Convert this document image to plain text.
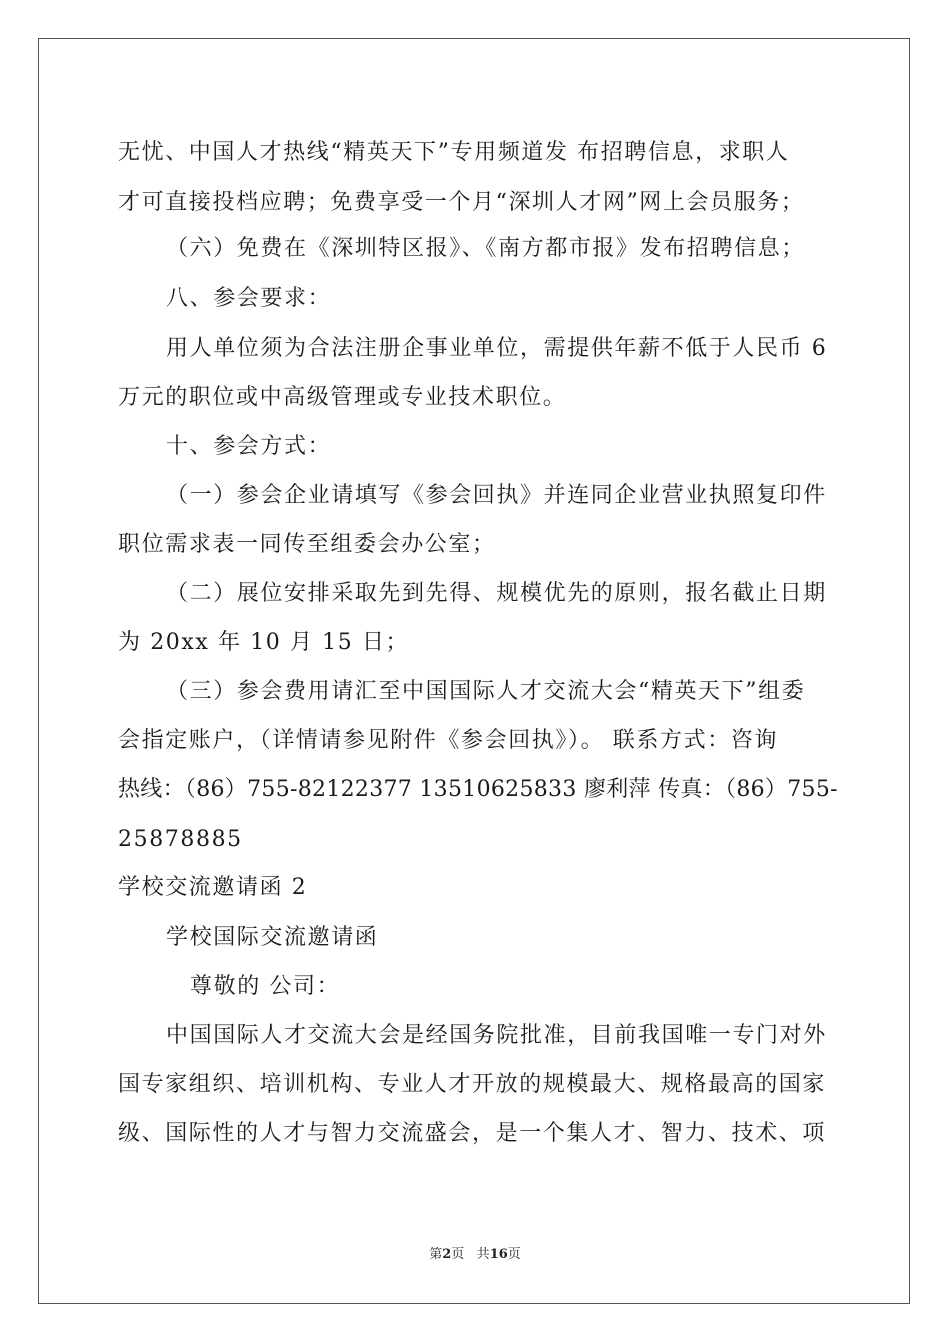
无忧、中国人才热线“精英天下”专用频道发 布招聘信息，求职人
才可直接投档应聘；免费享受一个月“深圳人才网”网上会员服务；
（六）免费在《深圳特区报》、《南方都市报》发布招聘信息；
八、参会要求：
用人单位须为合法注册企事业单位，需提供年薪不低于人民币 6
万元的职位或中高级管理或专业技术职位。
十、参会方式：
（一）参会企业请填写《参会回执》并连同企业营业执照复印件
职位需求表一同传至组委会办公室；
（二）展位安排采取先到先得、规模优先的原则，报名截止日期
为 20xx 年 10 月 15 日；
（三）参会费用请汇至中国国际人才交流大会“精英天下”组委
会指定账户，（详情请参见附件《参会回执》）。 联系方式：咨询
热线：（86）755-82122377 13510625833 廖利萍 传真：（86）755-
25878885
学校交流邀请函 2
学校国际交流邀请函
尊敬的 公司：
中国国际人才交流大会是经国务院批准，目前我国唯一专门对外
国专家组织、培训机构、专业人才开放的规模最大、规格最高的国家
级、国际性的人才与智力交流盛会，是一个集人才、智力、技术、项
第2页 共16页
